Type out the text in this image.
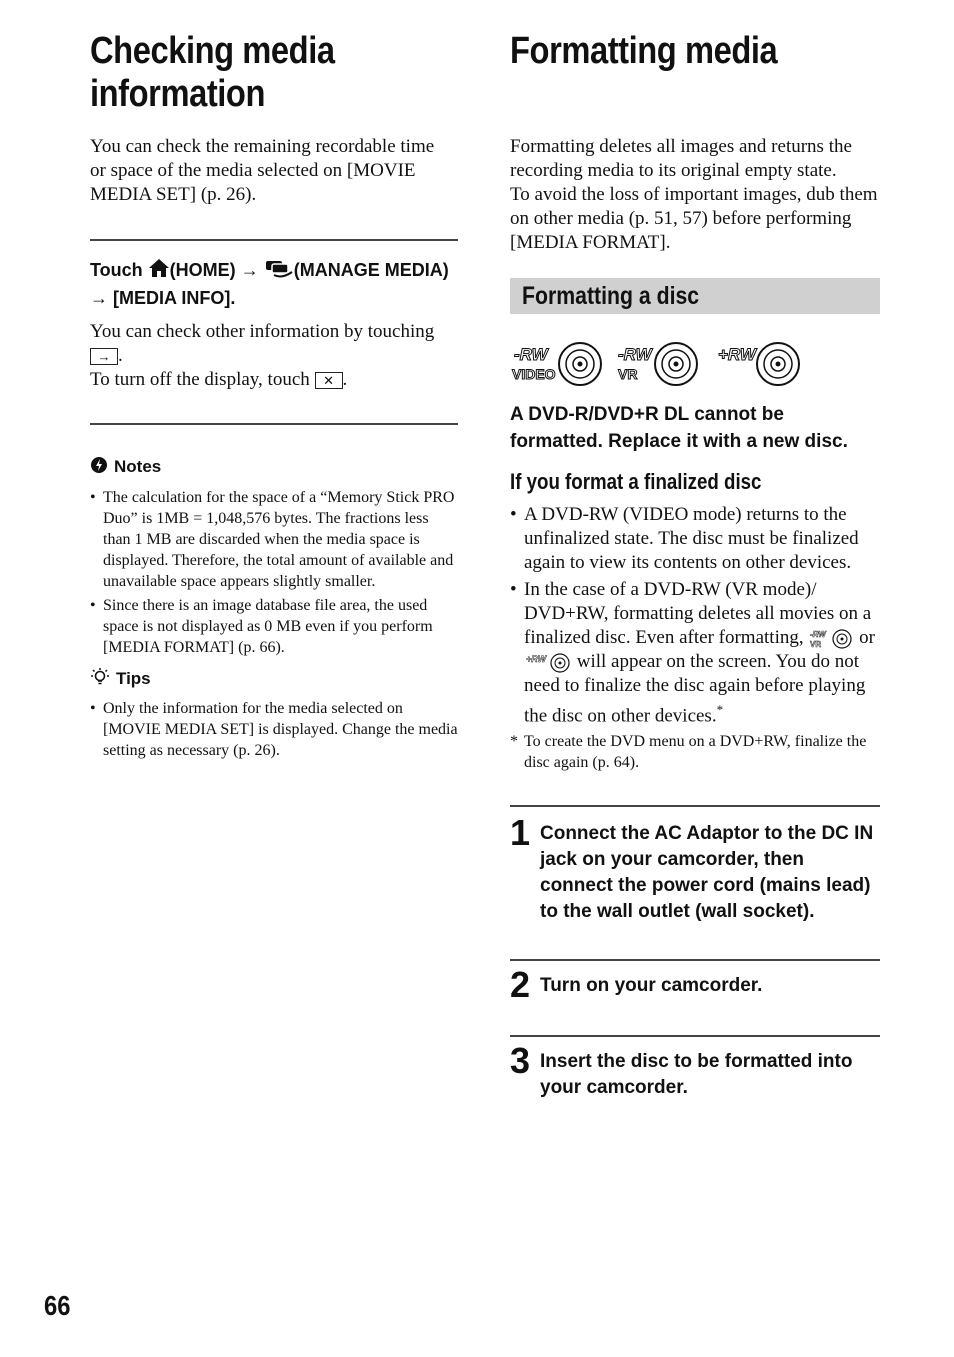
Checking media
information

You can check the remaining recordable time or space of the media selected on [MOVIE MEDIA SET] (p. 26).

Touch (HOME) → (MANAGE MEDIA) → [MEDIA INFO].

You can check other information by touching → .
To turn off the display, touch ✕ .

Notes
• The calculation for the space of a “Memory Stick PRO Duo” is 1MB = 1,048,576 bytes. The fractions less than 1 MB are discarded when the media space is displayed. Therefore, the total amount of available and unavailable space appears slightly smaller.
• Since there is an image database file area, the used space is not displayed as 0 MB even if you perform [MEDIA FORMAT] (p. 66).
Tips
• Only the information for the media selected on [MOVIE MEDIA SET] is displayed. Change the media setting as necessary (p. 26).
Formatting media

Formatting deletes all images and returns the recording media to its original empty state.
To avoid the loss of important images, dub them on other media (p. 51, 57) before performing [MEDIA FORMAT].

Formatting a disc
-RW
VIDEO
-RW
VR
+RW

A DVD-R/DVD+R DL cannot be formatted. Replace it with a new disc.

If you format a finalized disc

• A DVD-RW (VIDEO mode) returns to the unfinalized state. The disc must be finalized again to view its contents on other devices.
• In the case of a DVD-RW (VR mode)/ DVD+RW, formatting deletes all movies on a finalized disc. Even after formatting, -RW
VR or
+RW will appear on the screen. You do not need to finalize the disc again before playing the disc on other devices.*
* To create the DVD menu on a DVD+RW, finalize the disc again (p. 64).
1 Connect the AC Adaptor to the DC IN jack on your camcorder, then connect the power cord (mains lead) to the wall outlet (wall socket).

2 Turn on your camcorder.

3 Insert the disc to be formatted into your camcorder.

66
